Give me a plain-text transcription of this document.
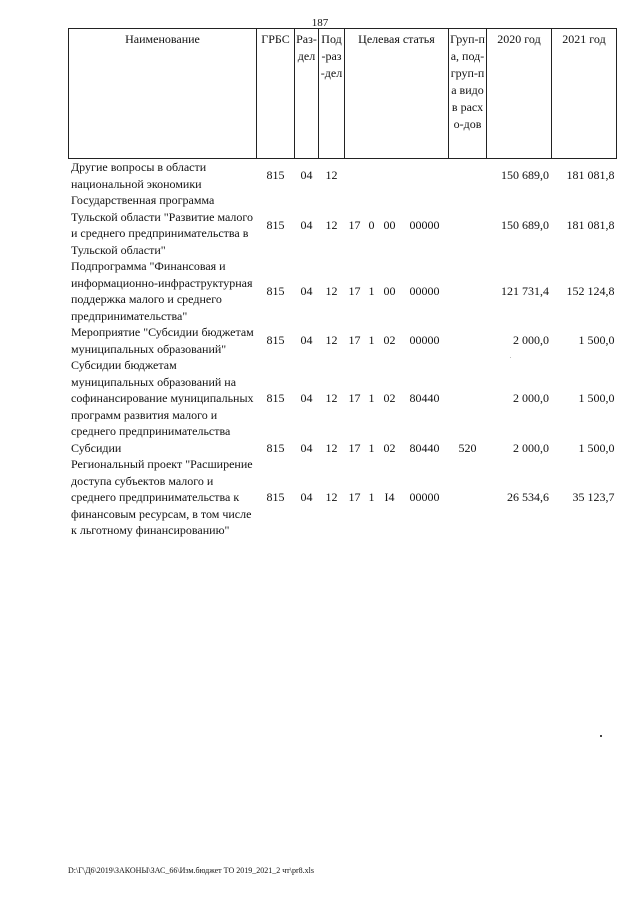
187
Наименование	ГРБС	Раз-дел	Под-раз-дел	Целевая статья				Груп-па, под-груп-па видов расхо-дов	2020 год	2021 год
Другие вопросы в области национальной экономики	815	04	12						150 689,0	181 081,8
Государственная программа Тульской области "Развитие малого и среднего предпринимательства в Тульской области"	815	04	12	17	0	00	00000		150 689,0	181 081,8
Подпрограмма "Финансовая и информационно-инфраструктурная поддержка малого и среднего предпринимательства"	815	04	12	17	1	00	00000		121 731,4	152 124,8
Мероприятие "Субсидии бюджетам муниципальных образований"	815	04	12	17	1	02	00000		2 000,0	1 500,0
Субсидии бюджетам муниципальных образований на софинансирование муниципальных программ развития малого и среднего предпринимательства	815	04	12	17	1	02	80440		2 000,0	1 500,0
Субсидии	815	04	12	17	1	02	80440	520	2 000,0	1 500,0
Региональный проект "Расширение доступа субъектов малого и среднего предпринимательства к финансовым ресурсам, в том числе к льготному финансированию"	815	04	12	17	1	I4	00000		26 534,6	35 123,7
D:\Г\Д6\2019\ЗАКОНЫ\ЗАС_66\Изм.бюджет ТО 2019_2021_2 чт\pr8.xls
